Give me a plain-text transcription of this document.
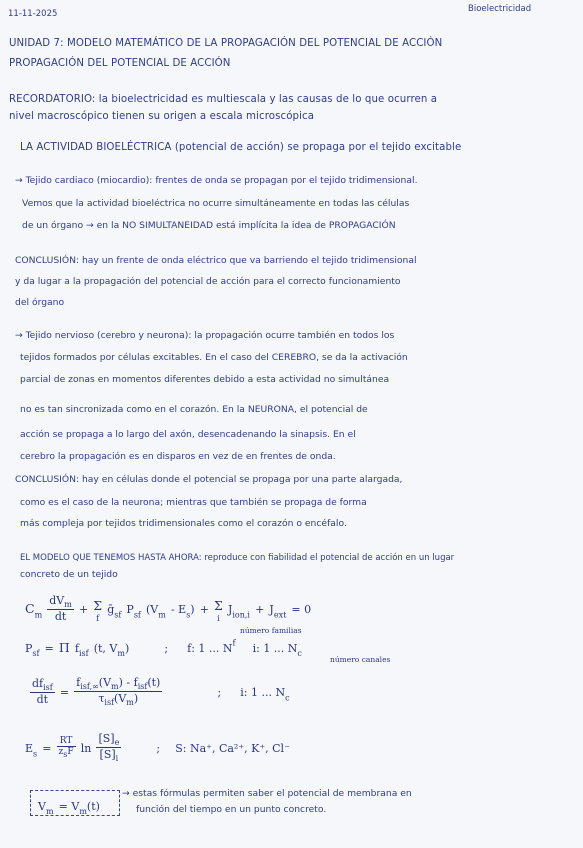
11-11-2025	Bioelectricidad
UNIDAD 7: MODELO MATEMÁTICO DE LA PROPAGACIÓN DEL POTENCIAL DE ACCIÓN
PROPAGACIÓN DEL POTENCIAL DE ACCIÓN
RECORDATORIO: la bioelectricidad es multiescala y las causas de lo que ocurren a
nivel macroscópico tienen su origen a escala microscópica
LA ACTIVIDAD BIOELÉCTRICA (potencial de acción) se propaga por el tejido excitable
→ Tejido cardiaco (miocardio): frentes de onda se propagan por el tejido tridimensional.
Vemos que la actividad bioeléctrica no ocurre simultáneamente en todas las células
de un órgano → en la NO SIMULTANEIDAD está implícita la idea de PROPAGACIÓN
CONCLUSIÓN: hay un frente de onda eléctrico que va barriendo el tejido tridimensional
y da lugar a la propagación del potencial de acción para el correcto funcionamiento
del órgano
→ Tejido nervioso (cerebro y neurona): la propagación ocurre también en todos los
tejidos formados por células excitables. En el caso del CEREBRO, se da la activación
parcial de zonas en momentos diferentes debido a esta actividad no simultánea
no es tan sincronizada como en el corazón. En la NEURONA, el potencial de
acción se propaga a lo largo del axón, desencadenando la sinapsis. En el
cerebro la propagación es en disparos en vez de en frentes de onda.
CONCLUSIÓN: hay en células donde el potencial se propaga por una parte alargada,
como es el caso de la neurona; mientras que también se propaga de forma
más compleja por tejidos tridimensionales como el corazón o encéfalo.
EL MODELO QUE TENEMOS HASTA AHORA: reproduce con fiabilidad el potencial de acción en un lugar
concreto de un tejido
$C_m \frac{dV_m}{dt} + \Sigma$
f
ḡ$_{sf}$ $P_{sf}$ $(V_m - E_s) + \Sigma$
i
$J_{ion,i} + J_{ext} = 0$
número familias
$P_{sf} = \Pi$ $f_{isf}$ (t, $V_m$)	; f: 1 ... $N^f$ i: 1 ... $N_c$
número canales
$\frac{df_{isf}}{dt} = \frac{f_{isf,\infty}(V_m) - f_{isf}(t)}{\tau_{isf}(V_m)}$	; i: 1 ... $N_c$
$E_s = \frac{RT}{z_sF}$ $\ln \frac{[S]_e}{[S]_i}$	; S: Na⁺, Ca²⁺, K⁺, Cl⁻
$V_m = V_m(t)$
→ estas fórmulas permiten saber el potencial de membrana en
función del tiempo en un punto concreto.
